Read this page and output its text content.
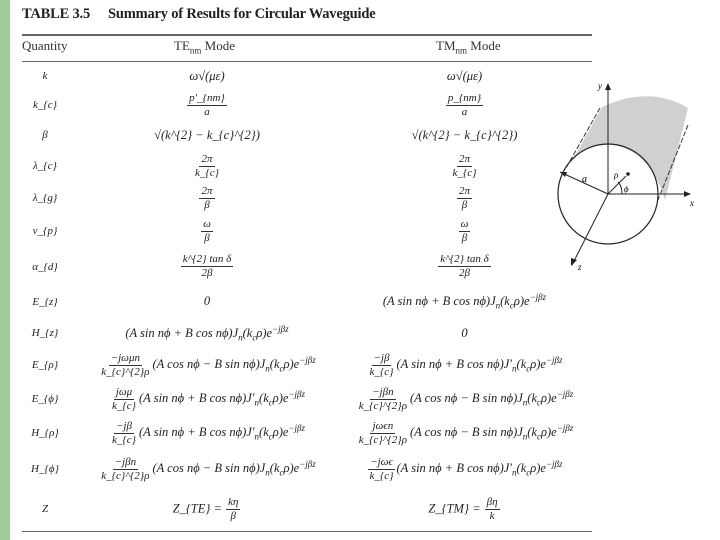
TABLE 3.5 Summary of Results for Circular Waveguide
Quantity	$TE_{nm}$ Mode	$TM_{nm}$ Mode
k	ω√(με)	ω√(με)
k_{c}	$\frac{p'\_\{nm\}}{a}$	$\frac{p\_\{nm\}}{a}$
β	√(k^{2} − k_{c}^{2})	√(k^{2} − k_{c}^{2})
λ_{c}	$\frac{2\pi}{k\_\{c\}}$	$\frac{2\pi}{k\_\{c\}}$
λ_{g}	$\frac{2\pi}{\beta}$	$\frac{2\pi}{\beta}$
v_{p}	$\frac{\omega}{\beta}$	$\frac{\omega}{\beta}$
α_{d}	$\frac{\text{k\textasciicircum{}\{2\} tan δ}}{2\beta}$	$\frac{\text{k\textasciicircum{}\{2\} tan δ}}{2\beta}$
E_{z}	0	(A sin nϕ + B $\cos n\phi)J_n(k_c\rho)e^{-j\beta z}$
H_{z}	(A sin nϕ + B $\cos n\phi)J_n(k_c\rho)e^{-j\beta z}$	0
E_{ρ}	$\frac{\text{−jωμn}}{k\_\{c\}\^{}\{2\}\rho} (A$ cos nϕ − B $\sin n\phi)J_n(k_c\rho)e^{-j\beta z}$	$\frac{-j\beta}{k\_\{c\}} (A$ sin nϕ + B $\cos n\phi)J'_n(k_c\rho)e^{-j\beta z}$
E_{ϕ}	$\frac{\text{jωμ}}{k\_\{c\}} (A$ sin nϕ + B $\cos n\phi)J'_n(k_c\rho)e^{-j\beta z}$	$\frac{\text{−jβn}}{k\_\{c\}\^{}\{2\}\rho} (A$ cos nϕ − B $\sin n\phi)J_n(k_c\rho)e^{-j\beta z}$
H_{ρ}	$\frac{-j\beta}{k\_\{c\}} (A$ sin nϕ + B $\cos n\phi)J'_n(k_c\rho)e^{-j\beta z}$	$\frac{\text{jωϵn}}{k\_\{c\}\^{}\{2\}\rho} (A$ cos nϕ − B $\sin n\phi)J_n(k_c\rho)e^{-j\beta z}$
H_{ϕ}	$\frac{\text{−jβn}}{k\_\{c\}\^{}\{2\}\rho} (A$ cos nϕ − B $\sin n\phi)J_n(k_c\rho)e^{-j\beta z}$	$\frac{\text{−jωϵ}}{k\_\{c\}} (A$ sin nϕ + B $\cos n\phi)J'_n(k_c\rho)e^{-j\beta z}$
Z	Z_{TE} = $\frac{k\eta}{\beta}$	Z_{TM} = $\frac{\beta\eta}{k}$
y
x
z
a	ρ
ϕ
